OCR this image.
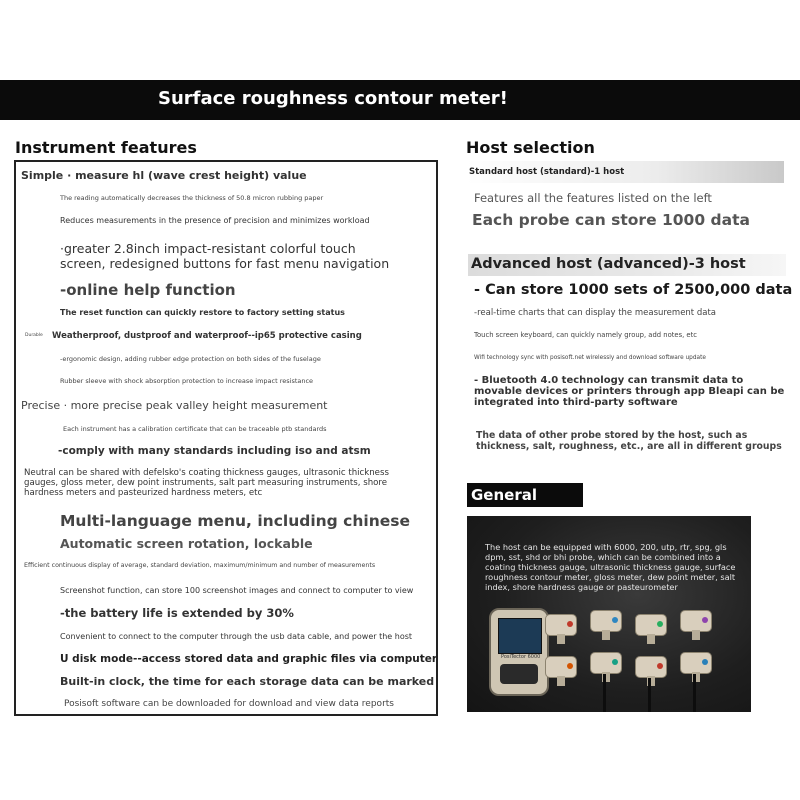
Surface roughness contour meter!
Instrument features
Simple · measure hl (wave crest height) value
The reading automatically decreases the thickness of 50.8 micron rubbing paper
Reduces measurements in the presence of precision and minimizes workload
·greater 2.8inch impact-resistant colorful touch
screen, redesigned buttons for fast menu navigation
-online help function
The reset function can quickly restore to factory setting status
Durable Weatherproof, dustproof and waterproof--ip65 protective casing
-ergonomic design, adding rubber edge protection on both sides of the fuselage
Rubber sleeve with shock absorption protection to increase impact resistance
Precise · more precise peak valley height measurement
Each instrument has a calibration certificate that can be traceable ptb standards
-comply with many standards including iso and atsm
Neutral can be shared with defelsko's coating thickness gauges, ultrasonic thickness gauges, gloss meter, dew point instruments, salt part measuring instruments, shore hardness meters and pasteurized hardness meters, etc
Multi-language menu, including chinese
Automatic screen rotation, lockable
Efficient continuous display of average, standard deviation, maximum/minimum and number of measurements
Screenshot function, can store 100 screenshot images and connect to computer to view
-the battery life is extended by 30%
Convenient to connect to the computer through the usb data cable, and power the host
U disk mode--access stored data and graphic files via computer
Built-in clock, the time for each storage data can be marked
Posisoft software can be downloaded for download and view data reports
Host selection
Standard host (standard)-1 host
Features all the features listed on the left
Each probe can store 1000 data
Advanced host (advanced)-3 host
- Can store 1000 sets of 2500,000 data
-real-time charts that can display the measurement data
Touch screen keyboard, can quickly namely group, add notes, etc
Wifi technology sync with posisoft.net wirelessly and download software update
- Bluetooth 4.0 technology can transmit data to movable devices or printers through app Bleapi can be integrated into third-party software
The data of other probe stored by the host, such as thickness, salt, roughness, etc., are all in different groups
General
The host can be equipped with 6000, 200, utp, rtr, spg, gls dpm, sst, shd or bhi probe, which can be combined into a coating thickness gauge, ultrasonic thickness gauge, surface roughness contour meter, gloss meter, dew point meter, salt index, shore hardness gauge or pasteurometer
PosiTector 6000
